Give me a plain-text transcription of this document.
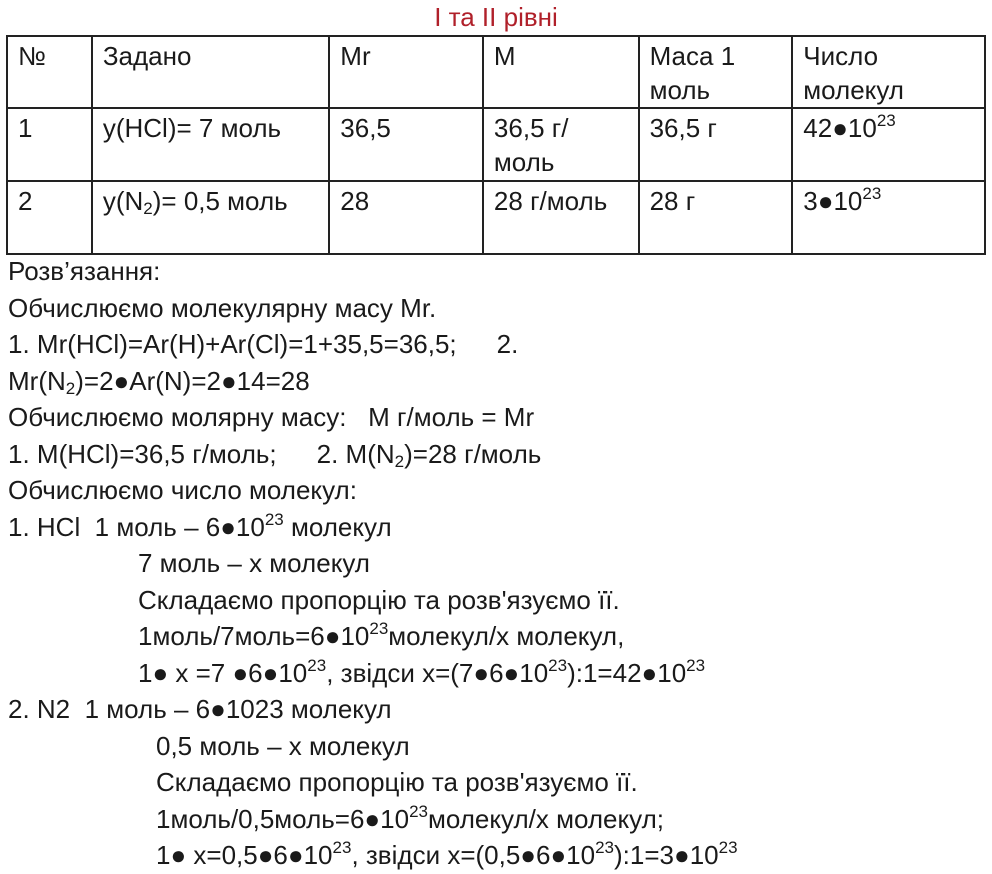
I та II рівні
№	Задано	Mr	M	Маса 1 моль	Число молекул
1	y(HCl)= 7 моль	36,5	36,5 г/моль	36,5 г	$42●10^{23}$
2	$y(N_2)= 0,5$ моль	28	28 г/моль	28 г	$3●10^{23}$
Розв’язання:
Обчислюємо молекулярну масу Mr.
1. Mr(HCl)=Ar(H)+Ar(Cl)=1+35,5=36,5; 2.
$Mr(N_2)=2●Ar(N)=2●14=28$
Обчислюємо молярну масу:   M г/моль = Mr
1. M(HCl)=36,5 г/моль; 2. $M(N_2)=28$ г/моль
Обчислюємо число молекул:
1. HCl  1 моль – $6●10^{23}$ молекул
7 моль – x молекул
Складаємо пропорцію та розв'язуємо її.
$1моль/7моль=6●10^{23}молекул/х$ молекул,
1● х =7 $●6●10^{23}$, звідси $х=(7●6●10^{23}):1=42●10^{23}$
2. N2  1 моль – 6●1023 молекул
0,5 моль – x молекул
Складаємо пропорцію та розв'язуємо її.
$1моль/0,5моль=6●10^{23}молекул/х$ молекул;
1● $х=0,5●6●10^{23}$, звідси $х=(0,5●6●10^{23}):1=3●10^{23}$
